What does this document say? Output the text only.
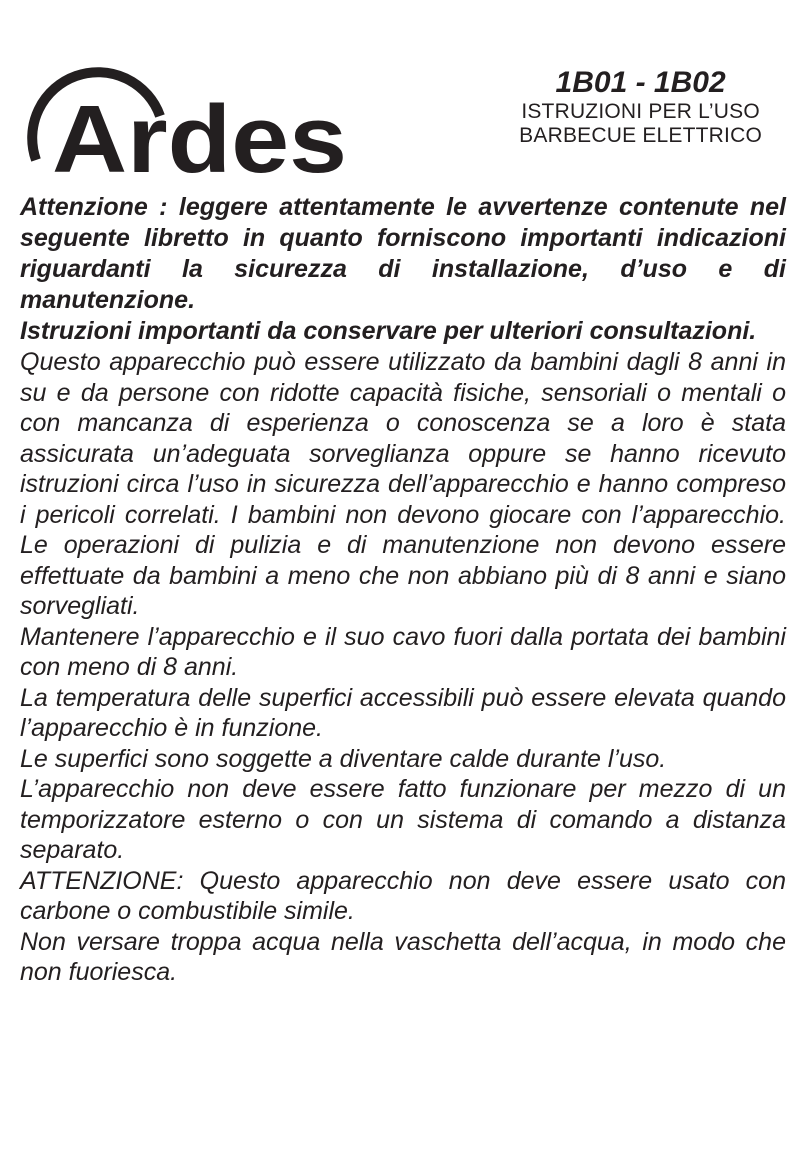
Ardes
1B01 - 1B02
ISTRUZIONI PER L’USO
BARBECUE ELETTRICO

Attenzione : leggere attentamente le avvertenze contenute nel seguente libretto in quanto forniscono importanti indicazioni riguardanti la sicurezza di installazione, d’uso e di manutenzione.

Istruzioni importanti da conservare per ulteriori consultazioni.

Questo apparecchio può essere utilizzato da bambini dagli 8 anni in su e da persone con ridotte capacità fisiche, sensoriali o mentali o con mancanza di esperienza o conoscenza se a loro è stata assicurata un’adeguata sorveglianza oppure se hanno ricevuto istruzioni circa l’uso in sicurezza dell’apparecchio e hanno compreso i pericoli correlati. I bambini non devono giocare con l’apparecchio. Le operazioni di pulizia e di manutenzione non devono essere effettuate da bambini a meno che non abbiano più di 8 anni e siano sorvegliati.

Mantenere l’apparecchio e il suo cavo fuori dalla portata dei bambini con meno di 8 anni.

La temperatura delle superfici accessibili può essere elevata quando l’apparecchio è in funzione.

Le superfici sono soggette a diventare calde durante l’uso.

L’apparecchio non deve essere fatto funzionare per mezzo di un temporizzatore esterno o con un sistema di comando a distanza separato.

ATTENZIONE: Questo apparecchio non deve essere usato con carbone o combustibile simile.

Non versare troppa acqua nella vaschetta dell’acqua, in modo che non fuoriesca.
